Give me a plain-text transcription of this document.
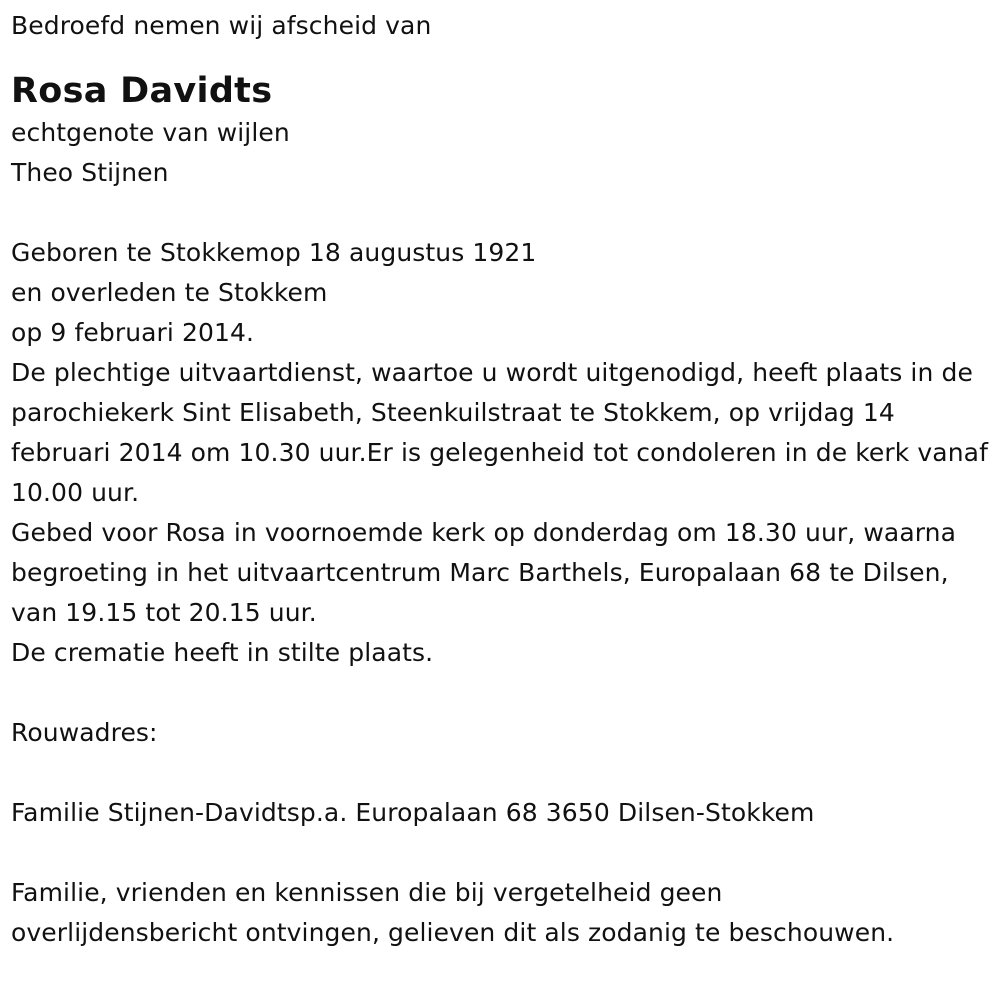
Bedroefd nemen wij afscheid van
Rosa Davidts
echtgenote van wijlen
Theo Stijnen
Geboren te Stokkemop 18 augustus 1921
en overleden te Stokkem
op 9 februari 2014.
De plechtige uitvaartdienst, waartoe u wordt uitgenodigd, heeft plaats in de parochiekerk Sint Elisabeth, Steenkuilstraat te Stokkem, op vrijdag 14 februari 2014 om 10.30 uur.Er is gelegenheid tot condoleren in de kerk vanaf 10.00 uur.
Gebed voor Rosa in voornoemde kerk op donderdag om 18.30 uur, waarna begroeting in het uitvaartcentrum Marc Barthels, Europalaan 68 te Dilsen, van 19.15 tot 20.15 uur.
De crematie heeft in stilte plaats.
Rouwadres:
Familie Stijnen-Davidtsp.a. Europalaan 68 3650 Dilsen-Stokkem
Familie, vrienden en kennissen die bij vergetelheid geen
overlijdensbericht ontvingen, gelieven dit als zodanig te beschouwen.
